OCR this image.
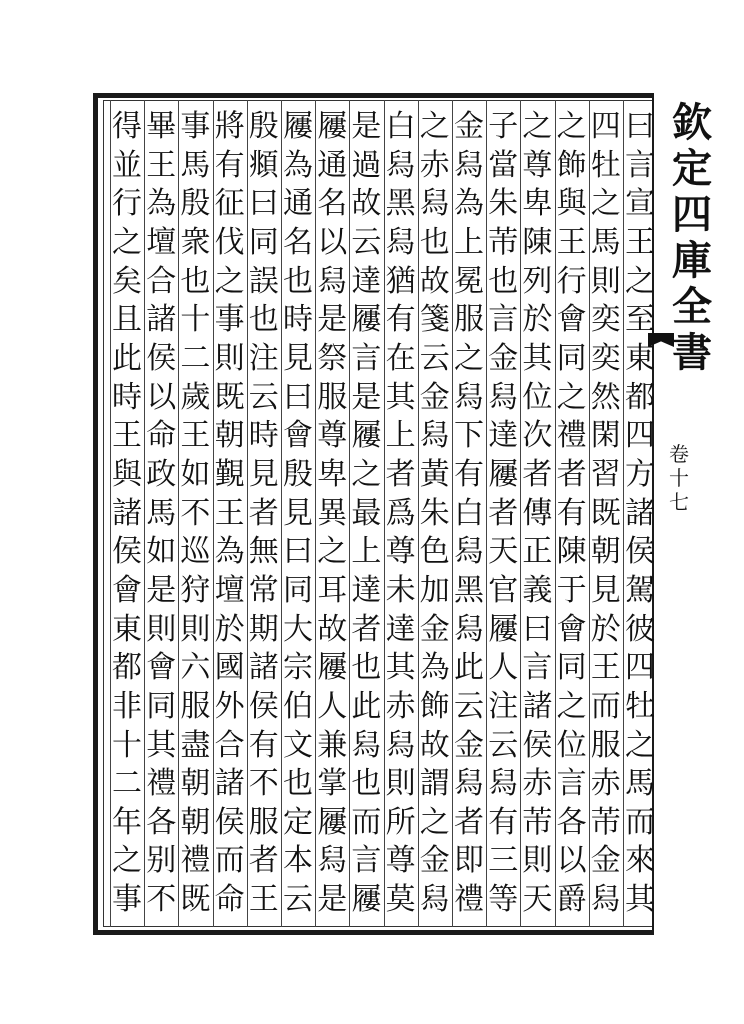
欽
定
四
庫
全
書
卷
十
七
曰
言
宣
王
之
至
東
都
四
方
諸
侯
駕
彼
四
牡
之
馬
而
來
其
四
牡
之
馬
則
奕
奕
然
閑
習
既
朝
見
於
王
而
服
赤
芾
金
舄
之
飾
與
王
行
會
同
之
禮
者
有
陳
于
會
同
之
位
言
各
以
爵
之
尊
卑
陳
列
於
其
位
次
者
傳
正
義
曰
言
諸
侯
赤
芾
則
天
子
當
朱
芾
也
言
金
舄
達
屨
者
天
官
屨
人
注
云
舄
有
三
等
金
舄
為
上
冕
服
之
舄
下
有
白
舄
黑
舄
此
云
金
舄
者
即
禮
之
赤
舄
也
故
箋
云
金
舄
黃
朱
色
加
金
為
飾
故
謂
之
金
舄
白
舄
黑
舄
猶
有
在
其
上
者
爲
尊
未
達
其
赤
舄
則
所
尊
莫
是
過
故
云
達
屨
言
是
屨
之
最
上
達
者
也
此
舄
也
而
言
屨
屨
通
名
以
舄
是
祭
服
尊
卑
異
之
耳
故
屨
人
兼
掌
屨
舄
是
屨
為
通
名
也
時
見
曰
會
殷
見
曰
同
大
宗
伯
文
也
定
本
云
殷
頫
曰
同
誤
也
注
云
時
見
者
無
常
期
諸
侯
有
不
服
者
王
將
有
征
伐
之
事
則
既
朝
覲
王
為
壇
於
國
外
合
諸
侯
而
命
事
馬
殷
衆
也
十
二
歲
王
如
不
巡
狩
則
六
服
盡
朝
朝
禮
既
畢
王
為
壇
合
諸
侯
以
命
政
馬
如
是
則
會
同
其
禮
各
别
不
得
並
行
之
矣
且
此
時
王
與
諸
侯
會
東
都
非
十
二
年
之
事
